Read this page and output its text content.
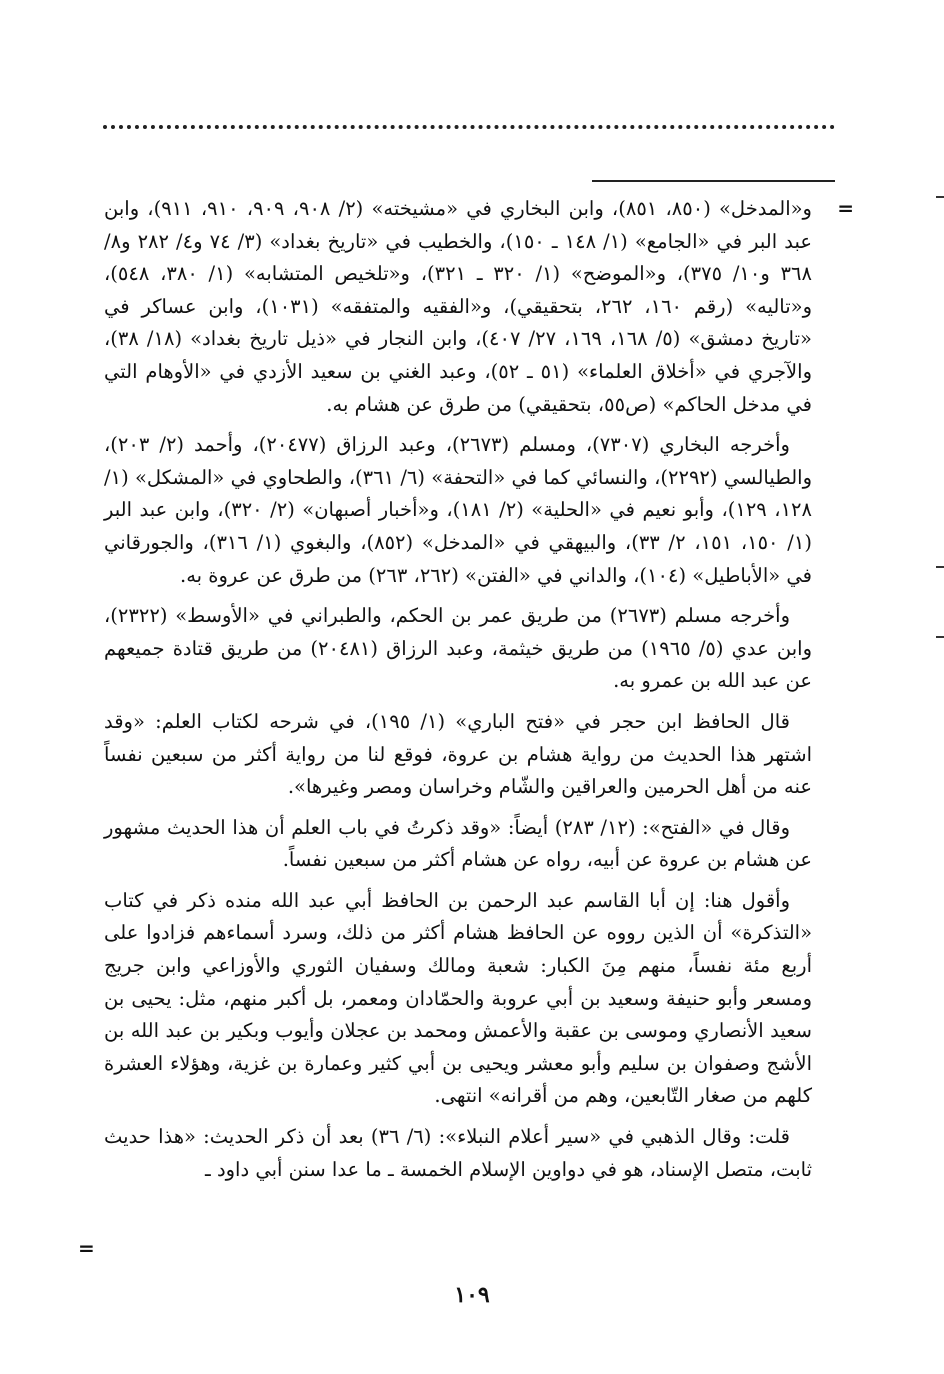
=

و«المدخل» (٨٥٠، ٨٥١)، وابن البخاري في «مشيخته» (٢/ ٩٠٨، ٩٠٩، ٩١٠، ٩١١)، وابن عبد البر في «الجامع» (١/ ١٤٨ ـ ١٥٠)، والخطيب في «تاريخ بغداد» (٣/ ٧٤ و٤/ ٢٨٢ و٨/ ٣٦٨ و١٠/ ٣٧٥)، و«الموضح» (١/ ٣٢٠ ـ ٣٢١)، و«تلخيص المتشابه» (١/ ٣٨٠، ٥٤٨)، و«تاليه» (رقم ١٦٠، ٢٦٢، بتحقيقي)، و«الفقيه والمتفقه» (١٠٣١)، وابن عساكر في «تاريخ دمشق» (٥/ ١٦٨، ١٦٩، ٢٧/ ٤٠٧)، وابن النجار في «ذيل تاريخ بغداد» (١٨/ ٣٨)، والآجري في «أخلاق العلماء» (٥١ ـ ٥٢)، وعبد الغني بن سعيد الأزدي في «الأوهام التي في مدخل الحاكم» (ص٥٥، بتحقيقي) من طرق عن هشام به.

وأخرجه البخاري (٧٣٠٧)، ومسلم (٢٦٧٣)، وعبد الرزاق (٢٠٤٧٧)، وأحمد (٢/ ٢٠٣)، والطيالسي (٢٢٩٢)، والنسائي كما في «التحفة» (٦/ ٣٦١)، والطحاوي في «المشكل» (١/ ١٢٨، ١٢٩)، وأبو نعيم في «الحلية» (٢/ ١٨١)، و«أخبار أصبهان» (٢/ ٣٢٠)، وابن عبد البر (١/ ١٥٠، ١٥١، ٢/ ٣٣)، والبيهقي في «المدخل» (٨٥٢)، والبغوي (١/ ٣١٦)، والجورقاني في «الأباطيل» (١٠٤)، والداني في «الفتن» (٢٦٢، ٢٦٣) من طرق عن عروة به.

وأخرجه مسلم (٢٦٧٣) من طريق عمر بن الحكم، والطبراني في «الأوسط» (٢٣٢٢)، وابن عدي (٥/ ١٩٦٥) من طريق خيثمة، وعبد الرزاق (٢٠٤٨١) من طريق قتادة جميعهم عن عبد الله بن عمرو به.

قال الحافظ ابن حجر في «فتح الباري» (١/ ١٩٥)، في شرحه لكتاب العلم: «وقد اشتهر هذا الحديث من رواية هشام بن عروة، فوقع لنا من رواية أكثر من سبعين نفساً عنه من أهل الحرمين والعراقين والشّام وخراسان ومصر وغيرها».

وقال في «الفتح»: (١٢/ ٢٨٣) أيضاً: «وقد ذكرتُ في باب العلم أن هذا الحديث مشهور عن هشام بن عروة عن أبيه، رواه عن هشام أكثر من سبعين نفساً.

وأقول هنا: إن أبا القاسم عبد الرحمن بن الحافظ أبي عبد الله منده ذكر في كتاب «التذكرة» أن الذين رووه عن الحافظ هشام أكثر من ذلك، وسرد أسماءهم فزادوا على أربع مئة نفساً، منهم مِنَ الكبار: شعبة ومالك وسفيان الثوري والأوزاعي وابن جريج ومسعر وأبو حنيفة وسعيد بن أبي عروبة والحمّادان ومعمر، بل أكبر منهم، مثل: يحيى بن سعيد الأنصاري وموسى بن عقبة والأعمش ومحمد بن عجلان وأيوب وبكير بن عبد الله بن الأشج وصفوان بن سليم وأبو معشر ويحيى بن أبي كثير وعمارة بن غزية، وهؤلاء العشرة كلهم من صغار التّابعين، وهم من أقرانه» انتهى.

قلت: وقال الذهبي في «سير أعلام النبلاء»: (٦/ ٣٦) بعد أن ذكر الحديث: «هذا حديث ثابت، متصل الإسناد، هو في دواوين الإسلام الخمسة ـ ما عدا سنن أبي داود ـ

=
١٠٩
